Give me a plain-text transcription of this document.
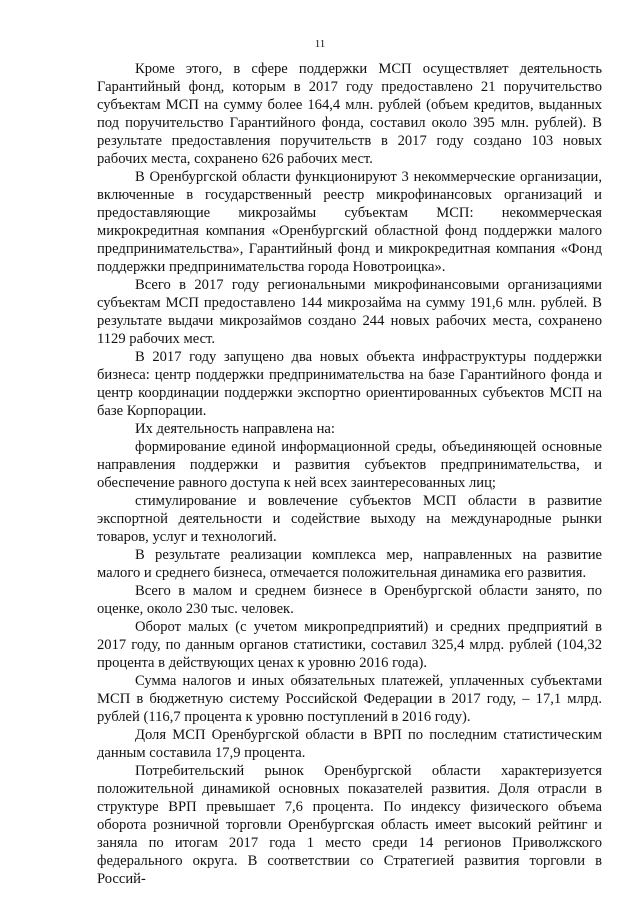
11

Кроме этого, в сфере поддержки МСП осуществляет деятельность Гарантийный фонд, которым в 2017 году предоставлено 21 поручительство субъектам МСП на сумму более 164,4 млн. рублей (объем кредитов, выданных под поручительство Гарантийного фонда, составил около 395 млн. рублей). В результате предоставления поручительств в 2017 году создано 103 новых рабочих места, сохранено 626 рабочих мест.

В Оренбургской области функционируют 3 некоммерческие организации, включенные в государственный реестр микрофинансовых организаций и предоставляющие микрозаймы субъектам МСП: некоммерческая микрокредитная компания «Оренбургский областной фонд поддержки малого предпринимательства», Гарантийный фонд и микрокредитная компания «Фонд поддержки предпринимательства города Новотроицка».

Всего в 2017 году региональными микрофинансовыми организациями субъектам МСП предоставлено 144 микрозайма на сумму 191,6 млн. рублей. В результате выдачи микрозаймов создано 244 новых рабочих места, сохранено 1129 рабочих мест.

В 2017 году запущено два новых объекта инфраструктуры поддержки бизнеса: центр поддержки предпринимательства на базе Гарантийного фонда и центр координации поддержки экспортно ориентированных субъектов МСП на базе Корпорации.

Их деятельность направлена на:

формирование единой информационной среды, объединяющей основные направления поддержки и развития субъектов предпринимательства, и обеспечение равного доступа к ней всех заинтересованных лиц;

стимулирование и вовлечение субъектов МСП области в развитие экспортной деятельности и содействие выходу на международные рынки товаров, услуг и технологий.

В результате реализации комплекса мер, направленных на развитие малого и среднего бизнеса, отмечается положительная динамика его развития.

Всего в малом и среднем бизнесе в Оренбургской области занято, по оценке, около 230 тыс. человек.

Оборот малых (с учетом микропредприятий) и средних предприятий в 2017 году, по данным органов статистики, составил 325,4 млрд. рублей (104,32 процента в действующих ценах к уровню 2016 года).

Сумма налогов и иных обязательных платежей, уплаченных субъектами МСП в бюджетную систему Российской Федерации в 2017 году, – 17,1 млрд. рублей (116,7 процента к уровню поступлений в 2016 году).

Доля МСП Оренбургской области в ВРП по последним статистическим данным составила 17,9 процента.

Потребительский рынок Оренбургской области характеризуется положительной динамикой основных показателей развития. Доля отрасли в структуре ВРП превышает 7,6 процента. По индексу физического объема оборота розничной торговли Оренбургская область имеет высокий рейтинг и заняла по итогам 2017 года 1 место среди 14 регионов Приволжского федерального округа. В соответствии со Стратегией развития торговли в Россий-
